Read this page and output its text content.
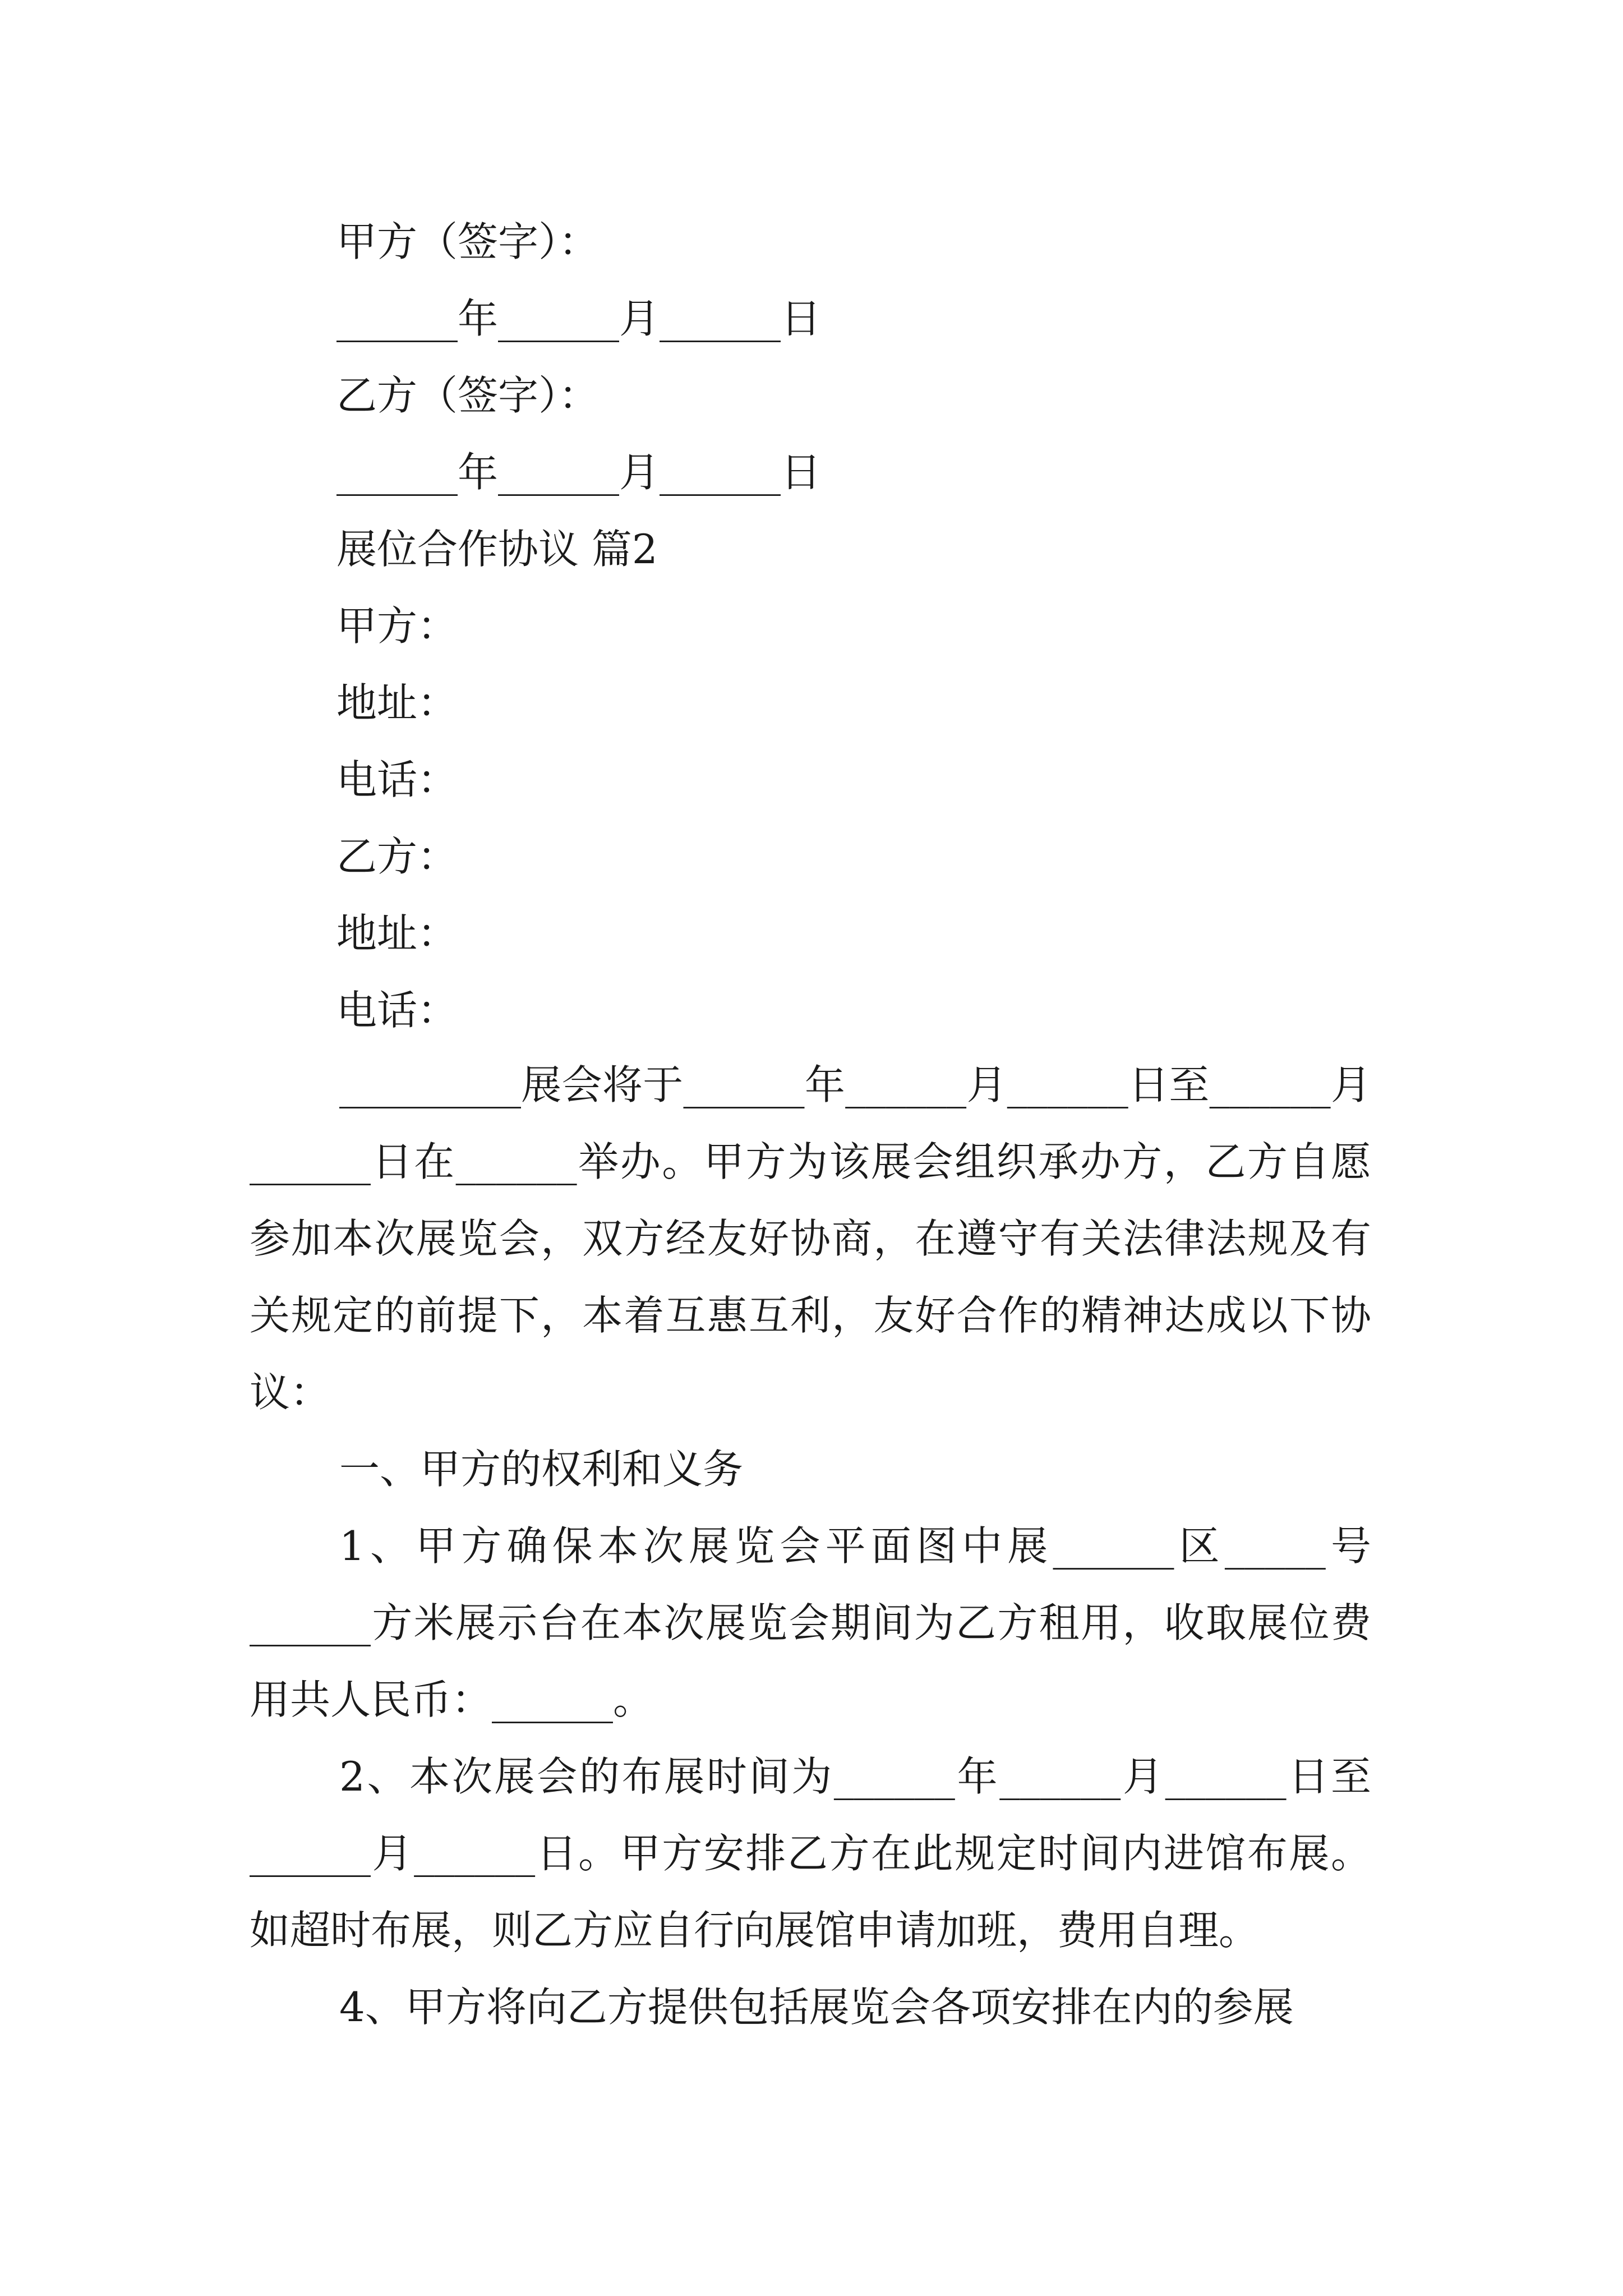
甲方（签字）：
______年______月______日
乙方（签字）：
______年______月______日
展位合作协议 篇2
甲方：
地址：
电话：
乙方：
地址：
电话：
_________展会将于______年______月______日至______月______日在______举办。甲方为该展会组织承办方，乙方自愿参加本次展览会，双方经友好协商，在遵守有关法律法规及有关规定的前提下，本着互惠互利，友好合作的精神达成以下协议：
一、甲方的权利和义务
1、甲方确保本次展览会平面图中展______区_____号______方米展示台在本次展览会期间为乙方租用，收取展位费用共人民币：______。
2、本次展会的布展时间为______年______月______日至______月______日。甲方安排乙方在此规定时间内进馆布展。如超时布展，则乙方应自行向展馆申请加班，费用自理。
4、甲方将向乙方提供包括展览会各项安排在内的参展
